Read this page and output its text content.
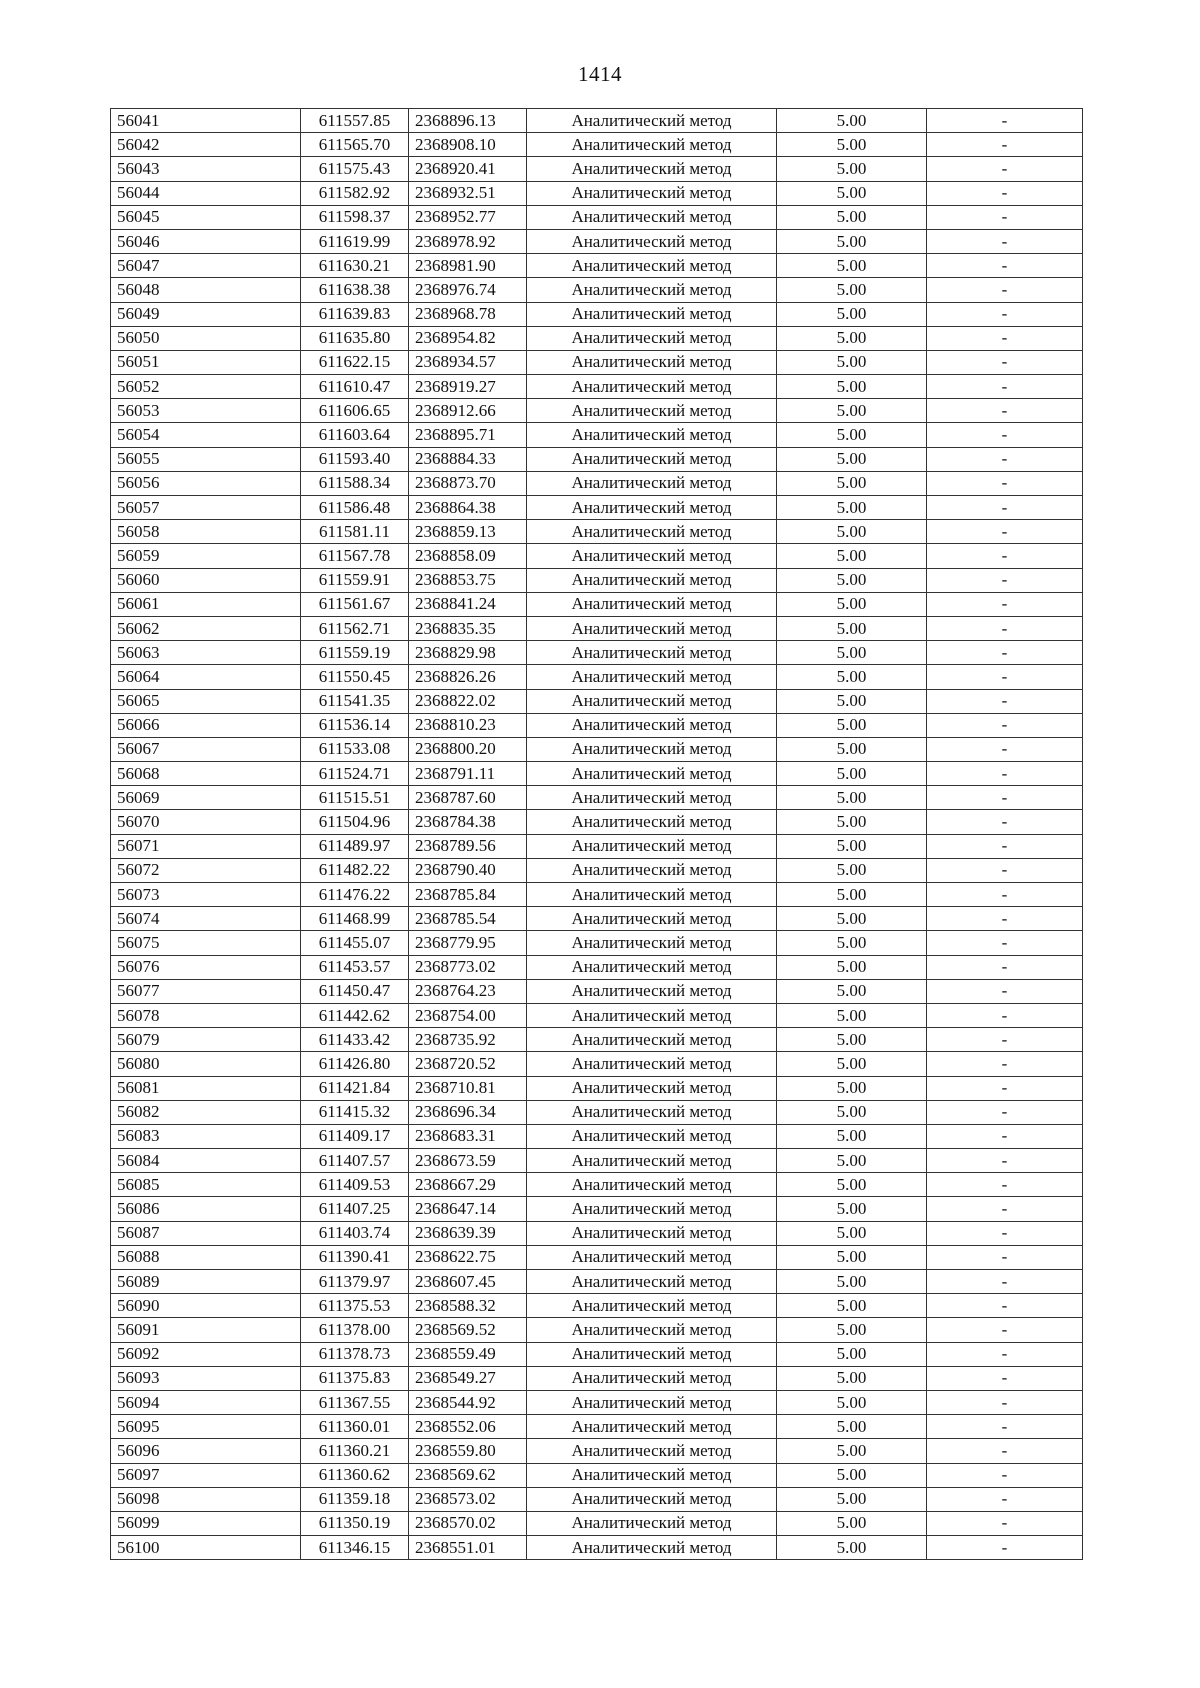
1414
56041	611557.85	2368896.13	Аналитический метод	5.00	-
56042	611565.70	2368908.10	Аналитический метод	5.00	-
56043	611575.43	2368920.41	Аналитический метод	5.00	-
56044	611582.92	2368932.51	Аналитический метод	5.00	-
56045	611598.37	2368952.77	Аналитический метод	5.00	-
56046	611619.99	2368978.92	Аналитический метод	5.00	-
56047	611630.21	2368981.90	Аналитический метод	5.00	-
56048	611638.38	2368976.74	Аналитический метод	5.00	-
56049	611639.83	2368968.78	Аналитический метод	5.00	-
56050	611635.80	2368954.82	Аналитический метод	5.00	-
56051	611622.15	2368934.57	Аналитический метод	5.00	-
56052	611610.47	2368919.27	Аналитический метод	5.00	-
56053	611606.65	2368912.66	Аналитический метод	5.00	-
56054	611603.64	2368895.71	Аналитический метод	5.00	-
56055	611593.40	2368884.33	Аналитический метод	5.00	-
56056	611588.34	2368873.70	Аналитический метод	5.00	-
56057	611586.48	2368864.38	Аналитический метод	5.00	-
56058	611581.11	2368859.13	Аналитический метод	5.00	-
56059	611567.78	2368858.09	Аналитический метод	5.00	-
56060	611559.91	2368853.75	Аналитический метод	5.00	-
56061	611561.67	2368841.24	Аналитический метод	5.00	-
56062	611562.71	2368835.35	Аналитический метод	5.00	-
56063	611559.19	2368829.98	Аналитический метод	5.00	-
56064	611550.45	2368826.26	Аналитический метод	5.00	-
56065	611541.35	2368822.02	Аналитический метод	5.00	-
56066	611536.14	2368810.23	Аналитический метод	5.00	-
56067	611533.08	2368800.20	Аналитический метод	5.00	-
56068	611524.71	2368791.11	Аналитический метод	5.00	-
56069	611515.51	2368787.60	Аналитический метод	5.00	-
56070	611504.96	2368784.38	Аналитический метод	5.00	-
56071	611489.97	2368789.56	Аналитический метод	5.00	-
56072	611482.22	2368790.40	Аналитический метод	5.00	-
56073	611476.22	2368785.84	Аналитический метод	5.00	-
56074	611468.99	2368785.54	Аналитический метод	5.00	-
56075	611455.07	2368779.95	Аналитический метод	5.00	-
56076	611453.57	2368773.02	Аналитический метод	5.00	-
56077	611450.47	2368764.23	Аналитический метод	5.00	-
56078	611442.62	2368754.00	Аналитический метод	5.00	-
56079	611433.42	2368735.92	Аналитический метод	5.00	-
56080	611426.80	2368720.52	Аналитический метод	5.00	-
56081	611421.84	2368710.81	Аналитический метод	5.00	-
56082	611415.32	2368696.34	Аналитический метод	5.00	-
56083	611409.17	2368683.31	Аналитический метод	5.00	-
56084	611407.57	2368673.59	Аналитический метод	5.00	-
56085	611409.53	2368667.29	Аналитический метод	5.00	-
56086	611407.25	2368647.14	Аналитический метод	5.00	-
56087	611403.74	2368639.39	Аналитический метод	5.00	-
56088	611390.41	2368622.75	Аналитический метод	5.00	-
56089	611379.97	2368607.45	Аналитический метод	5.00	-
56090	611375.53	2368588.32	Аналитический метод	5.00	-
56091	611378.00	2368569.52	Аналитический метод	5.00	-
56092	611378.73	2368559.49	Аналитический метод	5.00	-
56093	611375.83	2368549.27	Аналитический метод	5.00	-
56094	611367.55	2368544.92	Аналитический метод	5.00	-
56095	611360.01	2368552.06	Аналитический метод	5.00	-
56096	611360.21	2368559.80	Аналитический метод	5.00	-
56097	611360.62	2368569.62	Аналитический метод	5.00	-
56098	611359.18	2368573.02	Аналитический метод	5.00	-
56099	611350.19	2368570.02	Аналитический метод	5.00	-
56100	611346.15	2368551.01	Аналитический метод	5.00	-
